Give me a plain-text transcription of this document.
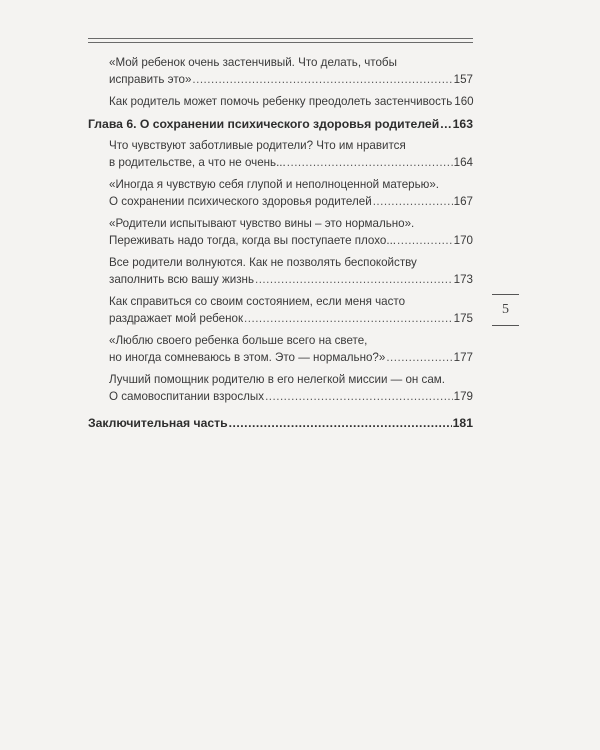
«Мой ребенок очень застенчивый. Что делать, чтобы
исправить это» .....	157
Как родитель может помочь ребенку преодолеть застенчивость 160
Глава 6. О сохранении психического здоровья родителей ..... 163
Что чувствуют заботливые родители? Что им нравится
в родительстве, а что не очень... .....	164
«Иногда я чувствую себя глупой и неполноценной матерью».
О сохранении психического здоровья родителей .....	167
«Родители испытывают чувство вины – это нормально».
Переживать надо тогда, когда вы поступаете плохо... .....	170
Все родители волнуются. Как не позволять беспокойству
заполнить всю вашу жизнь .....	173
Как справиться со своим состоянием, если меня часто
раздражает мой ребенок .....	175
«Люблю своего ребенка больше всего на свете,
но иногда сомневаюсь в этом. Это — нормально?» .....	177
Лучший помощник родителю в его нелегкой миссии — он сам.
О самовоспитании взрослых .....	179
Заключительная часть .....	181
5
